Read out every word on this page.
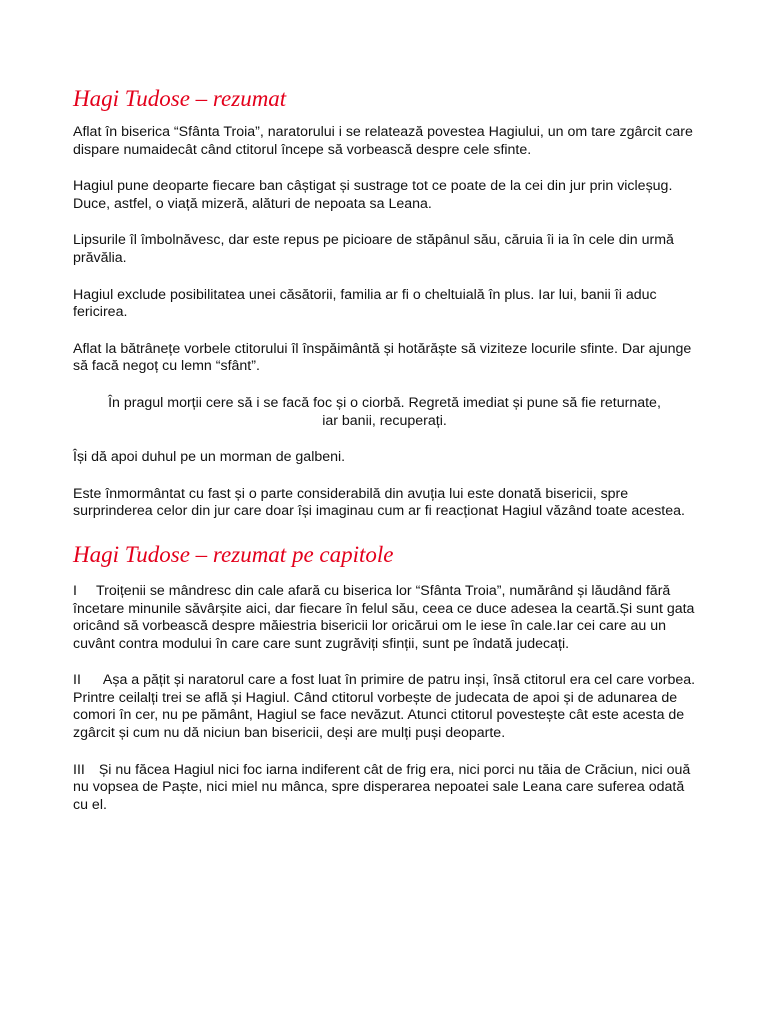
Hagi Tudose – rezumat

Aflat în biserica “Sfânta Troia”, naratorului i se relatează povestea Hagiului, un om tare zgârcit care dispare numaidecât când ctitorul începe să vorbească despre cele sfinte.

Hagiul pune deoparte fiecare ban câștigat și sustrage tot ce poate de la cei din jur prin vicleșug. Duce, astfel, o viață mizeră, alături de nepoata sa Leana.

Lipsurile îl îmbolnăvesc, dar este repus pe picioare de stăpânul său, căruia îi ia în cele din urmă prăvălia.

Hagiul exclude posibilitatea unei căsătorii, familia ar fi o cheltuială în plus. Iar lui, banii îi aduc fericirea.

Aflat la bătrânețe vorbele ctitorului îl înspăimântă și hotărăște să viziteze locurile sfinte. Dar ajunge să facă negoț cu lemn “sfânt”.

În pragul morții cere să i se facă foc și o ciorbă. Regretă imediat și pune să fie returnate,
iar banii, recuperați.

Își dă apoi duhul pe un morman de galbeni.

Este înmormântat cu fast și o parte considerabilă din avuția lui este donată bisericii, spre surprinderea celor din jur care doar își imaginau cum ar fi reacționat Hagiul văzând toate acestea.

Hagi Tudose – rezumat pe capitole

I Troițenii se mândresc din cale afară cu biserica lor “Sfânta Troia”, numărând și lăudând fără încetare minunile săvârșite aici, dar fiecare în felul său, ceea ce duce adesea la ceartă.Și sunt gata oricând să vorbească despre măiestria bisericii lor oricărui om le iese în cale.Iar cei care au un cuvânt contra modului în care care sunt zugrăviți sfinții, sunt pe îndată judecați.

II Așa a pățit și naratorul care a fost luat în primire de patru inși, însă ctitorul era cel care vorbea. Printre ceilalți trei se află și Hagiul. Când ctitorul vorbește de judecata de apoi și de adunarea de comori în cer, nu pe pământ, Hagiul se face nevăzut. Atunci ctitorul povestește cât este acesta de zgârcit și cum nu dă niciun ban bisericii, deși are mulți puși deoparte.

III Și nu făcea Hagiul nici foc iarna indiferent cât de frig era, nici porci nu tăia de Crăciun, nici ouă nu vopsea de Paște, nici miel nu mânca, spre disperarea nepoatei sale Leana care suferea odată cu el.
